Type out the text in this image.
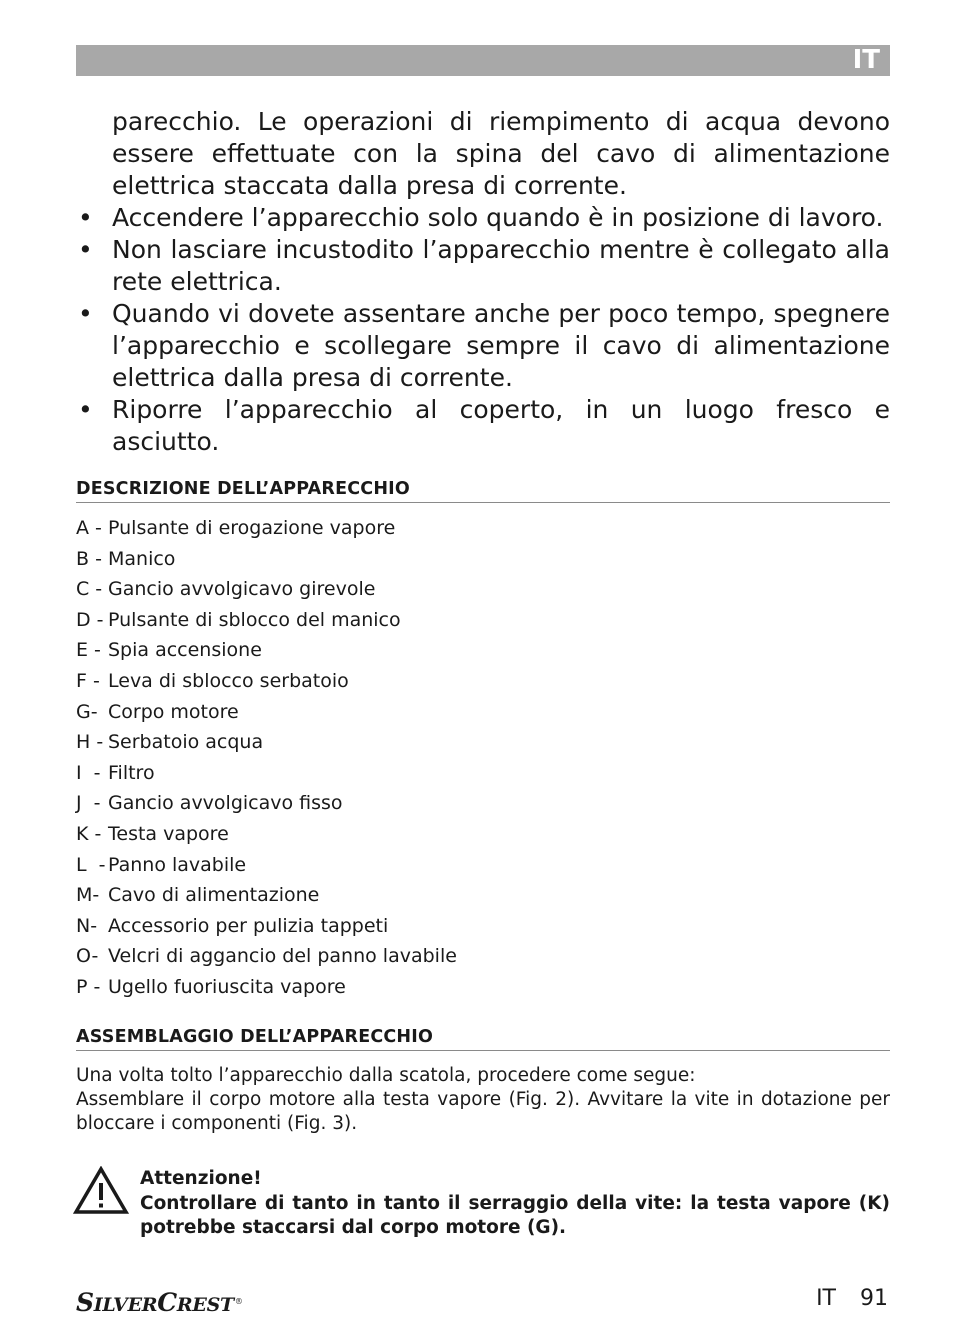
IT
parecchio. Le operazioni di riempimento di acqua devono essere effettuate con la spina del cavo di alimentazione elettrica staccata dalla presa di corrente.
• Accendere l’apparecchio solo quando è in posizione di lavoro.
• Non lasciare incustodito l’apparecchio mentre è collegato alla rete elettrica.
• Quando vi dovete assentare anche per poco tempo, spegnere l’apparecchio e scollegare sempre il cavo di alimentazione elettrica dalla presa di corrente.
• Riporre l’apparecchio al coperto, in un luogo fresco e asciutto.
DESCRIZIONE DELL’APPARECCHIO
A - Pulsante di erogazione vapore
B - Manico
C - Gancio avvolgicavo girevole
D - Pulsante di sblocco del manico
E - Spia accensione
F - Leva di sblocco serbatoio
G- Corpo motore
H - Serbatoio acqua
I  - Filtro
J  - Gancio avvolgicavo fisso
K - Testa vapore
L  - Panno lavabile
M- Cavo di alimentazione
N- Accessorio per pulizia tappeti
O- Velcri di aggancio del panno lavabile
P - Ugello fuoriuscita vapore
ASSEMBLAGGIO DELL’APPARECCHIO
Una volta tolto l’apparecchio dalla scatola, procedere come segue:
Assemblare il corpo motore alla testa vapore (Fig. 2). Avvitare la vite in dotazione per bloccare i componenti (Fig. 3).
Attenzione!
Controllare di tanto in tanto il serraggio della vite: la testa vapore (K) potrebbe staccarsi dal corpo motore (G).
SILVERCREST®	IT 91
